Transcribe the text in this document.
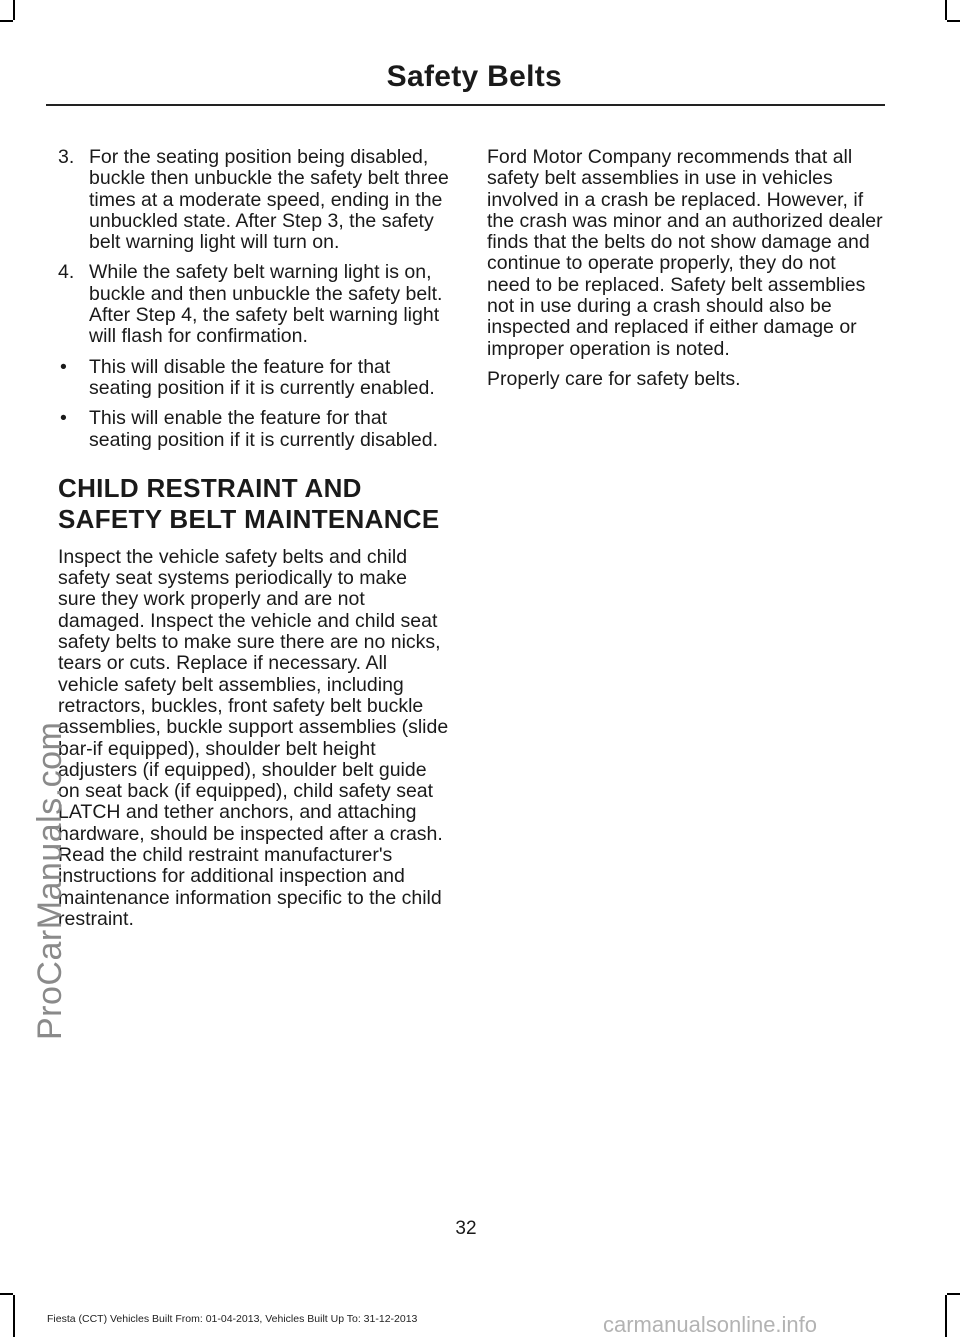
Safety Belts
3. For the seating position being disabled, buckle then unbuckle the safety belt three times at a moderate speed, ending in the unbuckled state. After Step 3, the safety belt warning light will turn on.
4. While the safety belt warning light is on, buckle and then unbuckle the safety belt. After Step 4, the safety belt warning light will flash for confirmation.
• This will disable the feature for that seating position if it is currently enabled.
• This will enable the feature for that seating position if it is currently disabled.
CHILD RESTRAINT AND SAFETY BELT MAINTENANCE

Inspect the vehicle safety belts and child safety seat systems periodically to make sure they work properly and are not damaged. Inspect the vehicle and child seat safety belts to make sure there are no nicks, tears or cuts. Replace if necessary. All vehicle safety belt assemblies, including retractors, buckles, front safety belt buckle assemblies, buckle support assemblies (slide bar-if equipped), shoulder belt height adjusters (if equipped), shoulder belt guide on seat back (if equipped), child safety seat LATCH and tether anchors, and attaching hardware, should be inspected after a crash. Read the child restraint manufacturer's instructions for additional inspection and maintenance information specific to the child restraint.

Ford Motor Company recommends that all safety belt assemblies in use in vehicles involved in a crash be replaced. However, if the crash was minor and an authorized dealer finds that the belts do not show damage and continue to operate properly, they do not need to be replaced. Safety belt assemblies not in use during a crash should also be inspected and replaced if either damage or improper operation is noted.

Properly care for safety belts.

32
Fiesta (CCT) Vehicles Built From: 01-04-2013, Vehicles Built Up To: 31-12-2013
ProCarManuals.com
carmanualsonline.info
